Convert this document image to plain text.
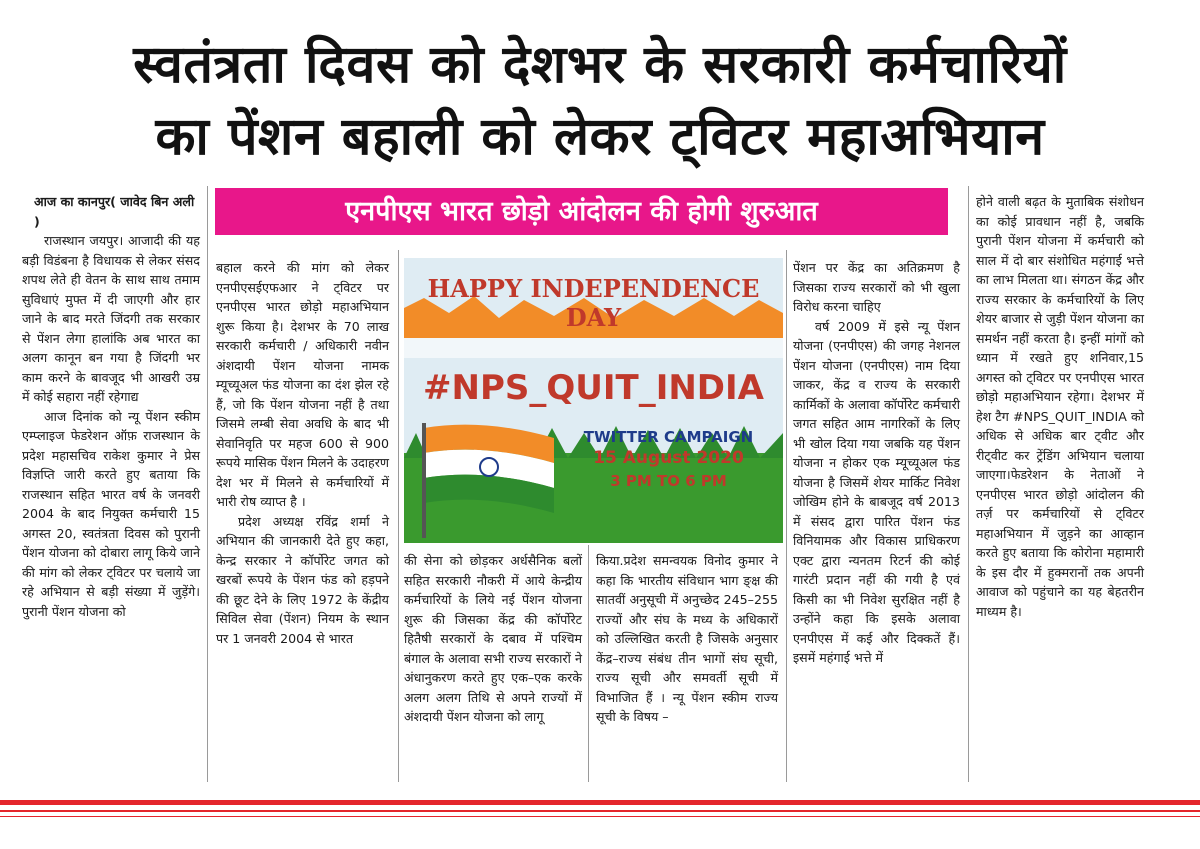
स्वतंत्रता दिवस को देशभर के सरकारी कर्मचारियों
का पेंशन बहाली को लेकर ट्विटर महाअभियान

आज का कानपुर( जावेद बिन अली )

राजस्थान जयपुर। आजादी की यह बड़ी विडंबना है विधायक से लेकर संसद शपथ लेते ही वेतन के साथ साथ तमाम सुविधाएं मुफ्त में दी जाएगी और हार जाने के बाद मरते जिंदगी तक सरकार से पेंशन लेगा हालांकि अब भारत का अलग कानून बन गया है जिंदगी भर काम करने के बावजूद भी आखरी उम्र में कोई सहारा नहीं रहेगाद्य

आज दिनांक को न्यू पेंशन स्कीम एम्प्लाइज फेडरेशन ऑफ़ राजस्थान के प्रदेश महासचिव राकेश कुमार ने प्रेस विज्ञप्ति जारी करते हुए बताया कि राजस्थान सहित भारत वर्ष के जनवरी 2004 के बाद नियुक्त कर्मचारी 15 अगस्त 20, स्वतंत्रता दिवस को पुरानी पेंशन योजना को दोबारा लागू किये जाने की मांग को लेकर ट्विटर पर चलाये जा रहे अभियान से बड़ी संख्या में जुड़ेंगे। पुरानी पेंशन योजना को

एनपीएस भारत छोड़ो आंदोलन की होगी शुरुआत

बहाल करने की मांग को लेकर एनपीएसईएफआर ने ट्विटर पर एनपीएस भारत छोड़ो महाअभियान शुरू किया है। देशभर के 70 लाख सरकारी कर्मचारी / अधिकारी नवीन अंशदायी पेंशन योजना नामक म्यूच्यूअल फंड योजना का दंश झेल रहे हैं, जो कि पेंशन योजना नहीं है तथा जिसमे लम्बी सेवा अवधि के बाद भी सेवानिवृति पर महज 600 से 900 रूपये मासिक पेंशन मिलने के उदाहरण देश भर में मिलने से कर्मचारियों में भारी रोष व्याप्त है ।

प्रदेश अध्यक्ष रविंद्र शर्मा ने अभियान की जानकारी देते हुए कहा, केन्द्र सरकार ने कॉर्पोरेट जगत को खरबों रूपये के पेंशन फंड को हड़पने की छूट देने के लिए 1972 के केंद्रीय सिविल सेवा (पेंशन) नियम के स्थान पर 1 जनवरी 2004 से भारत

HAPPY INDEPENDENCE DAY
#NPS_QUIT_INDIA
TWITTER CAMPAIGN
15 August 2020
3 PM TO 6 PM

की सेना को छोड़कर अर्धसैनिक बलों सहित सरकारी नौकरी में आये केन्द्रीय कर्मचारियों के लिये नई पेंशन योजना शुरू की जिसका केंद्र की कॉर्पोरेट हितैषी सरकारों के दबाव में पश्चिम बंगाल के अलावा सभी राज्य सरकारों ने अंधानुकरण करते हुए एक–एक करके अलग अलग तिथि से अपने राज्यों में अंशदायी पेंशन योजना को लागू

किया.प्रदेश समन्वयक विनोद कुमार ने कहा कि भारतीय संविधान भाग ङ्क्ष की सातवीं अनुसूची में अनुच्छेद 245–255 राज्यों और संघ के मध्य के अधिकारों को उल्लिखित करती है जिसके अनुसार केंद्र–राज्य संबंध तीन भागों संघ सूची, राज्य सूची और समवर्ती सूची में विभाजित हैं । न्यू पेंशन स्कीम राज्य सूची के विषय –

पेंशन पर केंद्र का अतिक्रमण है जिसका राज्य सरकारों को भी खुला विरोध करना चाहिए

वर्ष 2009 में इसे न्यू पेंशन योजना (एनपीएस) की जगह नेशनल पेंशन योजना (एनपीएस) नाम दिया जाकर, केंद्र व राज्य के सरकारी कार्मिकों के अलावा कॉर्पोरेट कर्मचारी जगत सहित आम नागरिकों के लिए भी खोल दिया गया जबकि यह पेंशन योजना न होकर एक म्यूच्यूअल फंड योजना है जिसमें शेयर मार्किट निवेश जोखिम होने के बाबजूद वर्ष 2013 में संसद द्वारा पारित पेंशन फंड विनियामक और विकास प्राधिकरण एक्ट द्वारा न्यनतम रिटर्न की कोई गारंटी प्रदान नहीं की गयी है एवं किसी का भी निवेश सुरक्षित नहीं है उन्होंने कहा कि इसके अलावा एनपीएस में कई और दिक्कतें हैं। इसमें महंगाई भत्ते में

होने वाली बढ़त के मुताबिक संशोधन का कोई प्रावधान नहीं है, जबकि पुरानी पेंशन योजना में कर्मचारी को साल में दो बार संशोधित महंगाई भत्ते का लाभ मिलता था। संगठन केंद्र और राज्य सरकार के कर्मचारियों के लिए शेयर बाजार से जुड़ी पेंशन योजना का समर्थन नहीं करता है। इन्हीं मांगों को ध्यान में रखते हुए शनिवार,15 अगस्त को ट्विटर पर एनपीएस भारत छोड़ो महाअभियान रहेगा। देशभर में हेश टैग #NPS_QUIT_INDIA को अधिक से अधिक बार ट्वीट और रीट्वीट कर ट्रेंडिंग अभियान चलाया जाएगा।फेडरेशन के नेताओं ने एनपीएस भारत छोड़ो आंदोलन की तर्ज़ पर कर्मचारियों से ट्विटर महाअभियान में जुड़ने का आव्हान करते हुए बताया कि कोरोना महामारी के इस दौर में हुक्मरानों तक अपनी आवाज को पहुंचाने का यह बेहतरीन माध्यम है।
